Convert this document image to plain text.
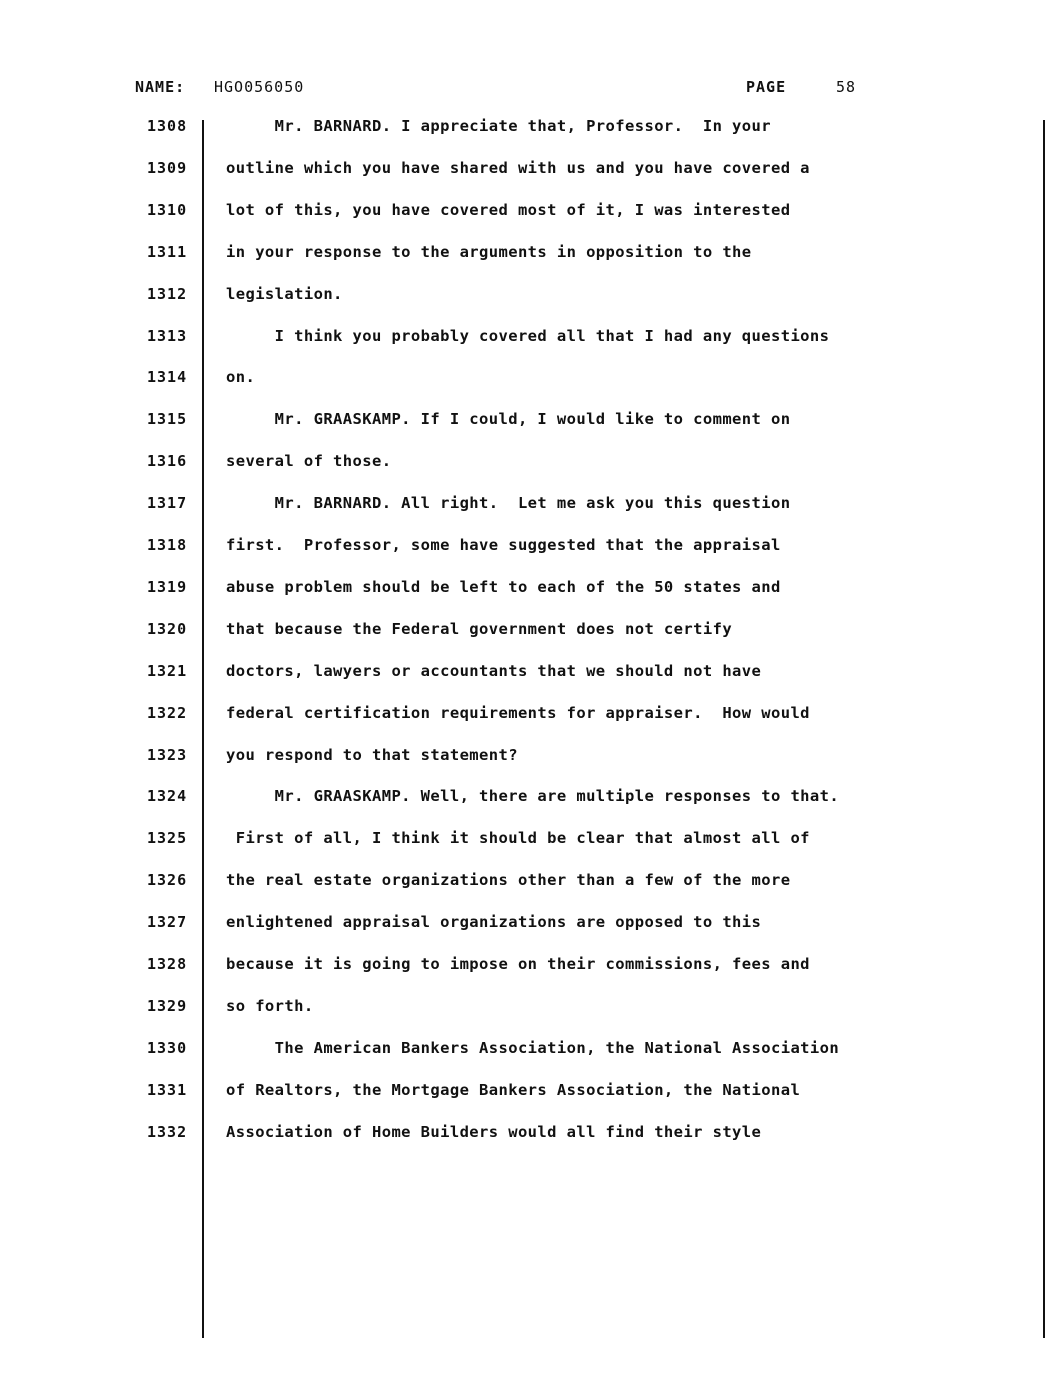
NAME: HGO056050	PAGE	58
1308	Mr. BARNARD. I appreciate that, Professor.  In your
1309	outline which you have shared with us and you have covered a
1310	lot of this, you have covered most of it, I was interested
1311	in your response to the arguments in opposition to the
1312	legislation.
1313	I think you probably covered all that I had any questions
1314	on.
1315	Mr. GRAASKAMP. If I could, I would like to comment on
1316	several of those.
1317	Mr. BARNARD. All right.  Let me ask you this question
1318	first.  Professor, some have suggested that the appraisal
1319	abuse problem should be left to each of the 50 states and
1320	that because the Federal government does not certify
1321	doctors, lawyers or accountants that we should not have
1322	federal certification requirements for appraiser.  How would
1323	you respond to that statement?
1324	Mr. GRAASKAMP. Well, there are multiple responses to that.
1325	First of all, I think it should be clear that almost all of
1326	the real estate organizations other than a few of the more
1327	enlightened appraisal organizations are opposed to this
1328	because it is going to impose on their commissions, fees and
1329	so forth.
1330	The American Bankers Association, the National Association
1331	of Realtors, the Mortgage Bankers Association, the National
1332	Association of Home Builders would all find their style
